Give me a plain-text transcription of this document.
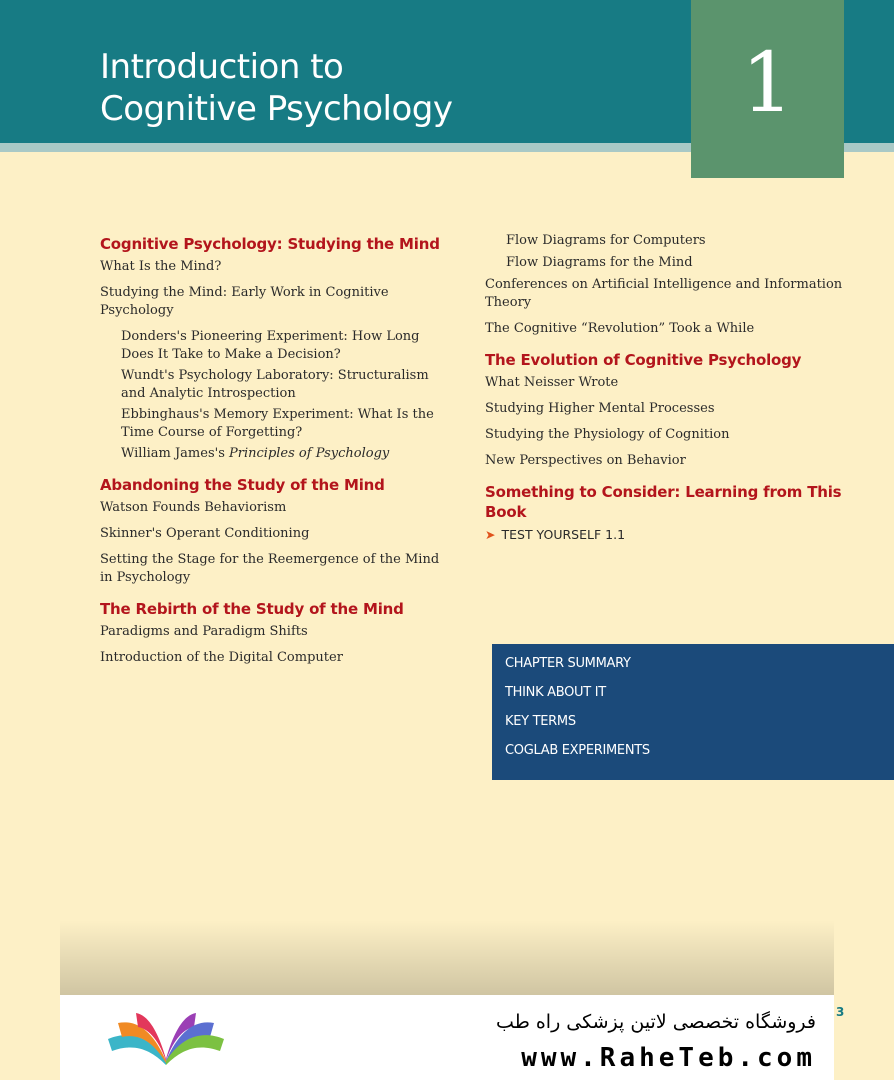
Introduction to
Cognitive Psychology	1
Cognitive Psychology: Studying the Mind
What Is the Mind?
Studying the Mind: Early Work in Cognitive Psychology
Donders's Pioneering Experiment: How Long Does It Take to Make a Decision?
Wundt's Psychology Laboratory: Structuralism and Analytic Introspection
Ebbinghaus's Memory Experiment: What Is the Time Course of Forgetting?
William James's Principles of Psychology
Abandoning the Study of the Mind
Watson Founds Behaviorism
Skinner's Operant Conditioning
Setting the Stage for the Reemergence of the Mind in Psychology
The Rebirth of the Study of the Mind
Paradigms and Paradigm Shifts
Introduction of the Digital Computer
Flow Diagrams for Computers
Flow Diagrams for the Mind
Conferences on Artificial Intelligence and Information Theory
The Cognitive “Revolution” Took a While
The Evolution of Cognitive Psychology
What Neisser Wrote
Studying Higher Mental Processes
Studying the Physiology of Cognition
New Perspectives on Behavior
Something to Consider: Learning from This Book
➤ TEST YOURSELF 1.1
CHAPTER SUMMARY
THINK ABOUT IT
KEY TERMS
COGLAB EXPERIMENTS
3
فروشگاه تخصصی لاتین پزشکی راه طب
www.RaheTeb.com
